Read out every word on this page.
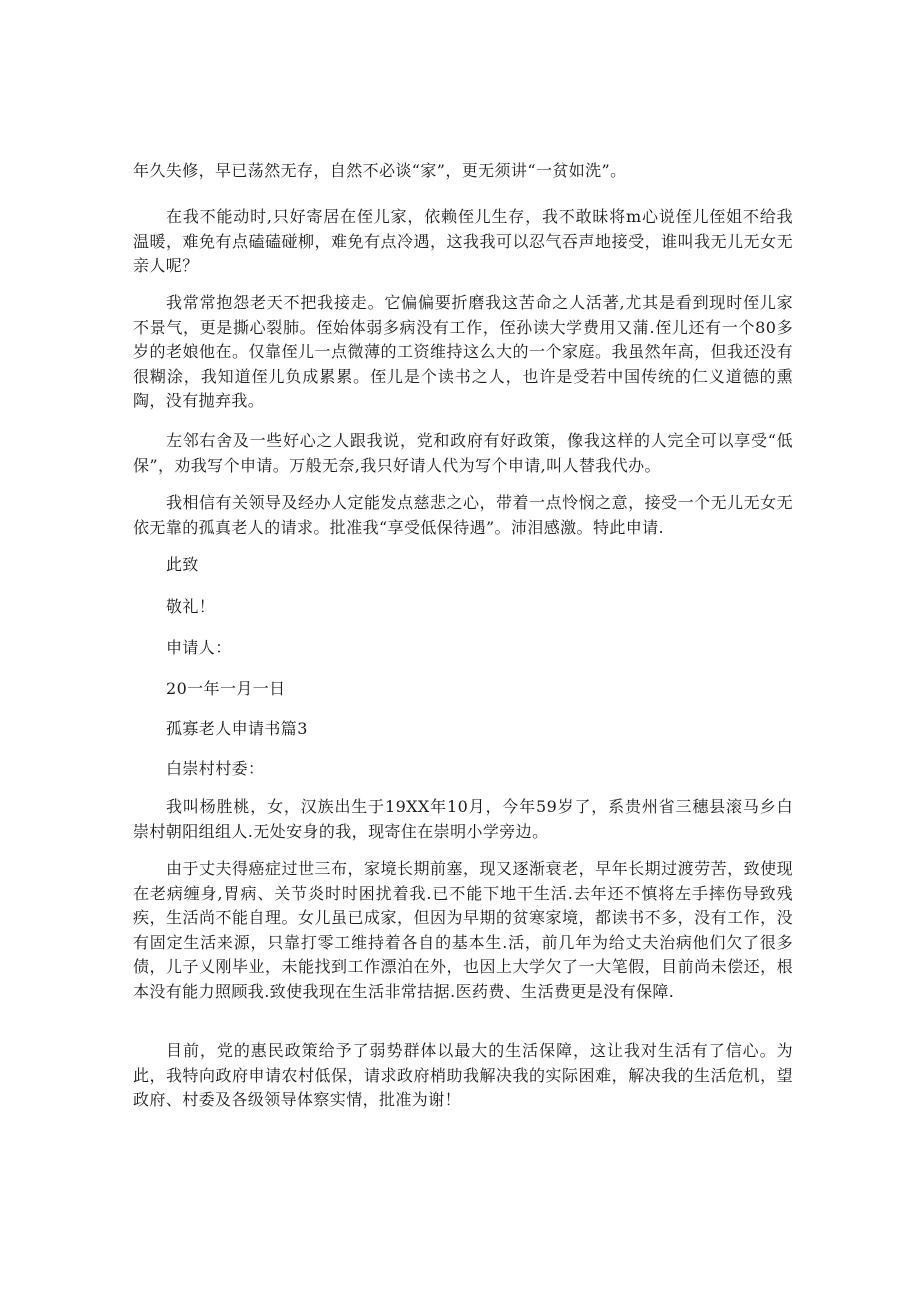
年久失修，早已荡然无存，自然不必谈“家”，更无须讲“一贫如洗”。

在我不能动时,只好寄居在侄儿家，依赖侄儿生存，我不敢昧将m心说侄儿侄姐不给我温暖，难免有点磕磕碰柳，难免有点冷遇，这我我可以忍气吞声地接受，谁叫我无儿无女无亲人呢？

我常常抱怨老天不把我接走。它偏偏要折磨我这苦命之人活著,尤其是看到现时侄儿家不景气，更是撕心裂肺。侄始体弱多病没有工作，侄孙读大学费用又蒲.侄儿还有一个80多岁的老娘他在。仅靠侄儿一点微薄的工资维持这么大的一个家庭。我虽然年高，但我还没有很糊涂，我知道侄儿负成累累。侄儿是个读书之人，也许是受若中国传统的仁义道德的熏陶，没有抛弃我。

左邻右舍及一些好心之人跟我说，党和政府有好政策，像我这样的人完全可以享受“低保”，劝我写个申请。万般无奈,我只好请人代为写个申请,叫人替我代办。

我相信有关领导及经办人定能发点慈悲之心，带着一点怜悯之意，接受一个无儿无女无依无靠的孤真老人的请求。批准我“享受低保待遇”。沛泪感激。特此申请.

此致

敬礼！

申请人：

20一年一月一日

孤寡老人申请书篇3

白崇村村委：

我叫杨胜桃，女，汉族出生于19XX年10月，今年59岁了，系贵州省三穗县滚马乡白崇村朝阳组组人.无处安身的我，现寄住在崇明小学旁边。

由于丈夫得癌症过世三布，家境长期前塞，现又逐渐衰老，早年长期过渡劳苦，致使现在老病缠身,胃病、关节炎时时困扰着我.已不能下地干生活.去年还不慎将左手摔伤导致残疾，生活尚不能自理。女儿虽已成家，但因为早期的贫寒家境，都读书不多，没有工作，没有固定生活来源，只靠打零工维持着各自的基本生.活，前几年为给丈夫治病他们欠了很多债，儿子乂刚毕业，未能找到工作漂泊在外，也因上大学欠了一大笔假，目前尚未偿还，根本没有能力照顾我.致使我现在生活非常拮据.医药费、生活费更是没有保障.

目前，党的惠民政策给予了弱势群体以最大的生活保障，这让我对生活有了信心。为此，我特向政府申请农村低保，请求政府梢助我解决我的实际困难，解决我的生活危机，望政府、村委及各级领导体察实情，批准为谢！
